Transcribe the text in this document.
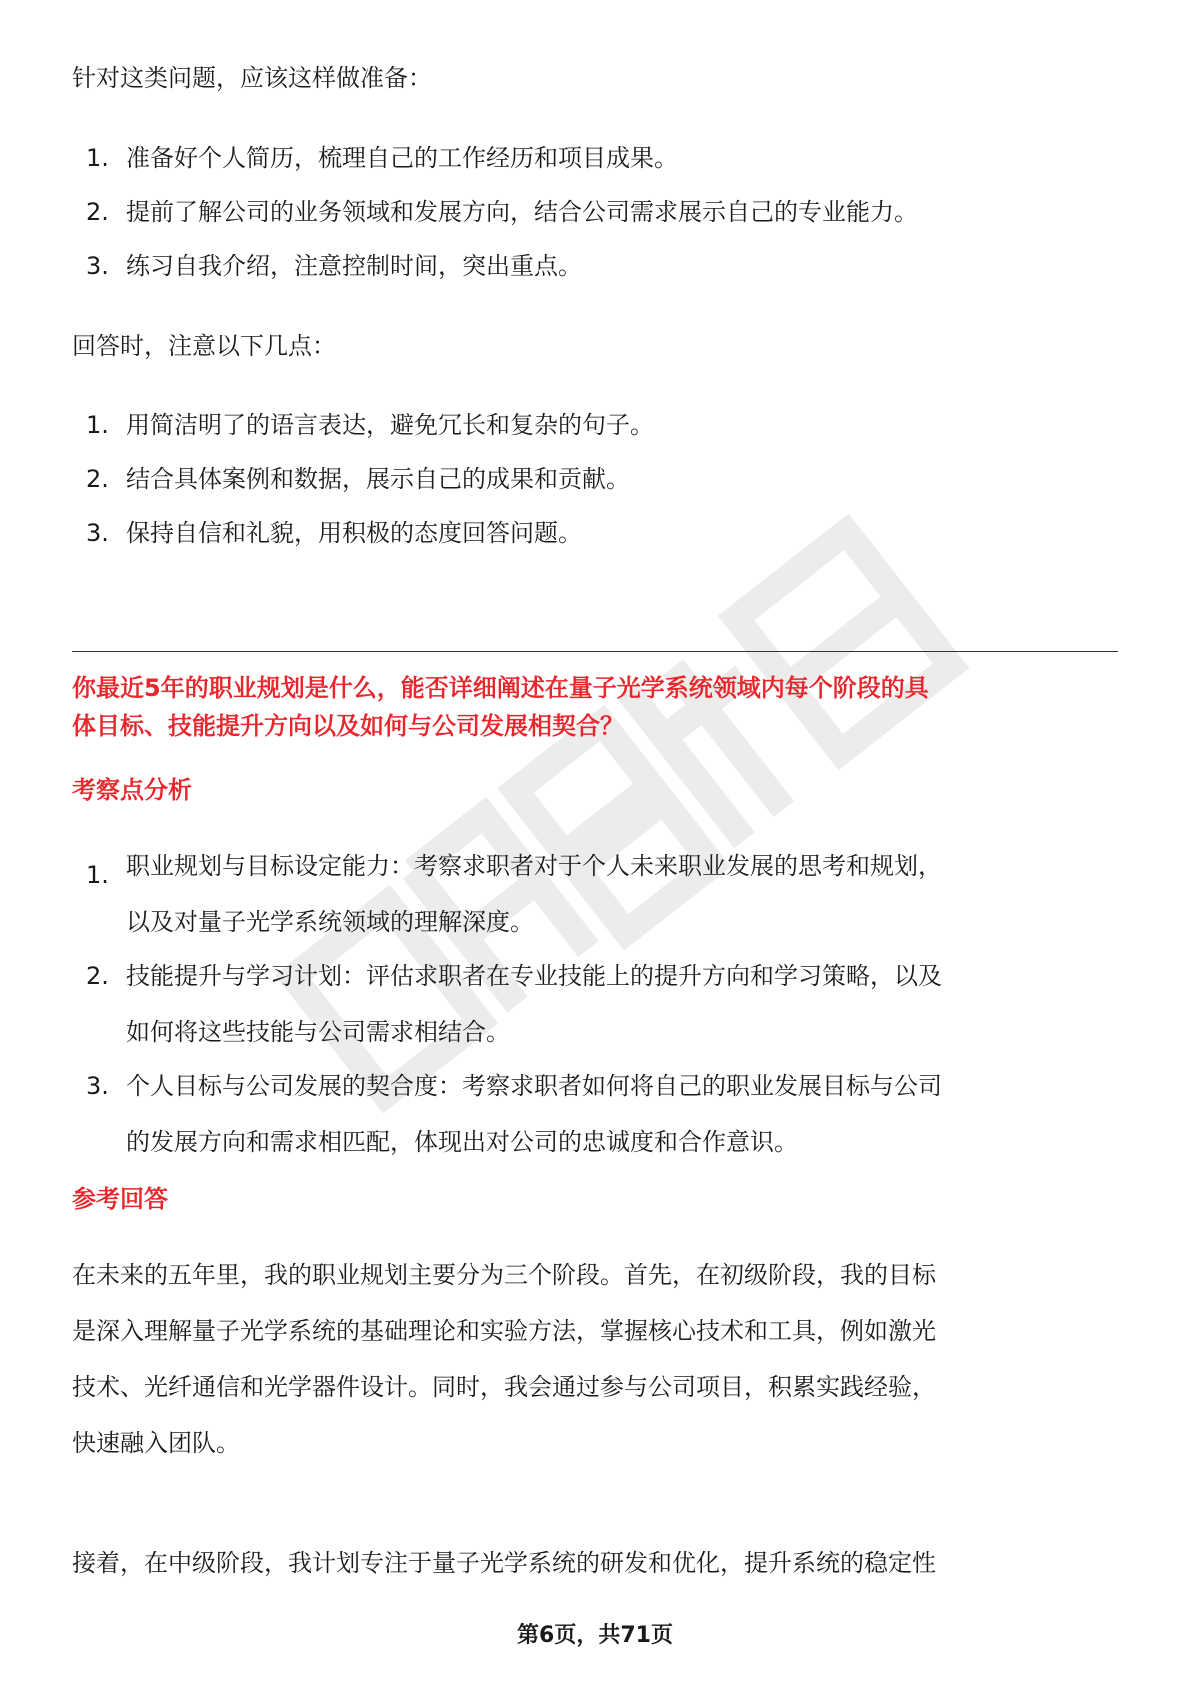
针对这类问题，应该这样做准备：

1. 准备好个人简历，梳理自己的工作经历和项目成果。
2. 提前了解公司的业务领域和发展方向，结合公司需求展示自己的专业能力。
3. 练习自我介绍，注意控制时间，突出重点。

回答时，注意以下几点：

1. 用简洁明了的语言表达，避免冗长和复杂的句子。
2. 结合具体案例和数据，展示自己的成果和贡献。
3. 保持自信和礼貌，用积极的态度回答问题。
你最近5年的职业规划是什么，能否详细阐述在量子光学系统领域内每个阶段的具
体目标、技能提升方向以及如何与公司发展相契合？
考察点分析
1. 职业规划与目标设定能力：考察求职者对于个人未来职业发展的思考和规划，
以及对量子光学系统领域的理解深度。
2. 技能提升与学习计划：评估求职者在专业技能上的提升方向和学习策略，以及
如何将这些技能与公司需求相结合。
3. 个人目标与公司发展的契合度：考察求职者如何将自己的职业发展目标与公司
的发展方向和需求相匹配，体现出对公司的忠诚度和合作意识。
参考回答
在未来的五年里，我的职业规划主要分为三个阶段。首先，在初级阶段，我的目标
是深入理解量子光学系统的基础理论和实验方法，掌握核心技术和工具，例如激光
技术、光纤通信和光学器件设计。同时，我会通过参与公司项目，积累实践经验，
快速融入团队。
接着，在中级阶段，我计划专注于量子光学系统的研发和优化，提升系统的稳定性
第6页，共71页
